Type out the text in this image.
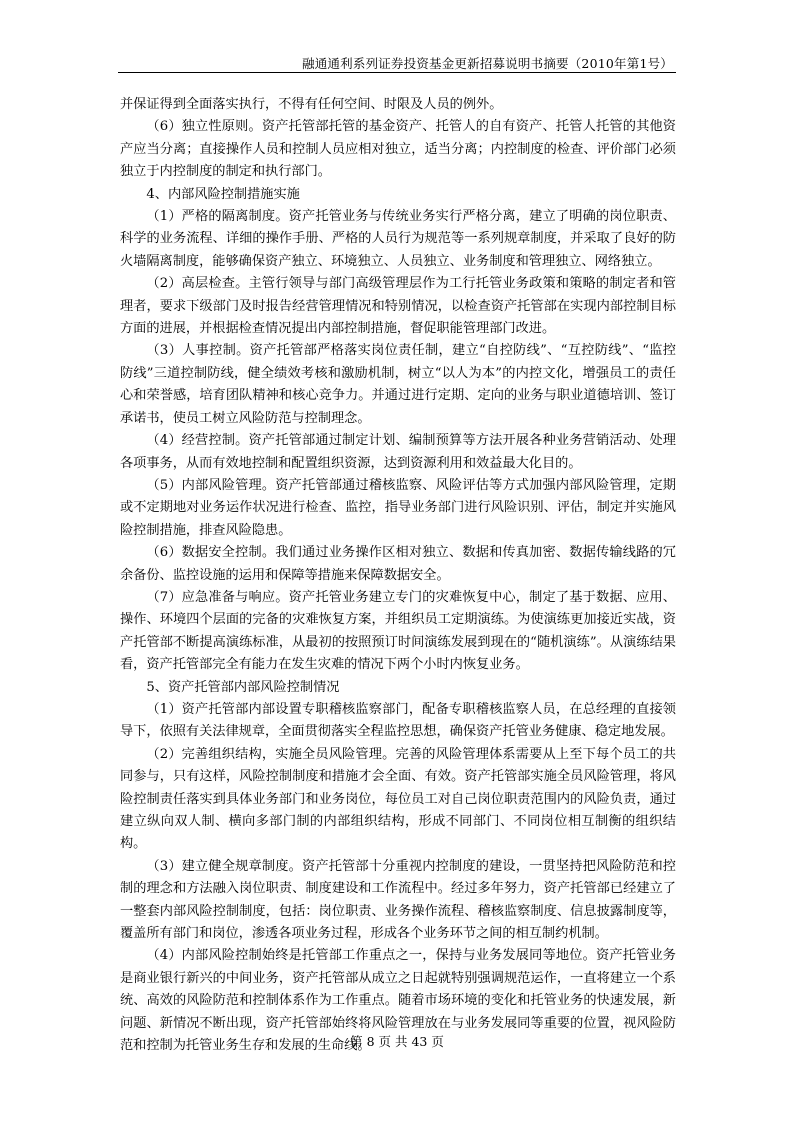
融通通利系列证券投资基金更新招募说明书摘要（2010年第1号）

并保证得到全面落实执行，不得有任何空间、时限及人员的例外。

（6）独立性原则。资产托管部托管的基金资产、托管人的自有资产、托管人托管的其他资产应当分离；直接操作人员和控制人员应相对独立，适当分离；内控制度的检查、评价部门必须独立于内控制度的制定和执行部门。

4、内部风险控制措施实施

（1）严格的隔离制度。资产托管业务与传统业务实行严格分离，建立了明确的岗位职责、科学的业务流程、详细的操作手册、严格的人员行为规范等一系列规章制度，并采取了良好的防火墙隔离制度，能够确保资产独立、环境独立、人员独立、业务制度和管理独立、网络独立。

（2）高层检查。主管行领导与部门高级管理层作为工行托管业务政策和策略的制定者和管理者，要求下级部门及时报告经营管理情况和特别情况，以检查资产托管部在实现内部控制目标方面的进展，并根据检查情况提出内部控制措施，督促职能管理部门改进。

（3）人事控制。资产托管部严格落实岗位责任制，建立“自控防线”、“互控防线”、“监控防线”三道控制防线，健全绩效考核和激励机制，树立“以人为本”的内控文化，增强员工的责任心和荣誉感，培育团队精神和核心竞争力。并通过进行定期、定向的业务与职业道德培训、签订承诺书，使员工树立风险防范与控制理念。

（4）经营控制。资产托管部通过制定计划、编制预算等方法开展各种业务营销活动、处理各项事务，从而有效地控制和配置组织资源，达到资源利用和效益最大化目的。

（5）内部风险管理。资产托管部通过稽核监察、风险评估等方式加强内部风险管理，定期或不定期地对业务运作状况进行检查、监控，指导业务部门进行风险识别、评估，制定并实施风险控制措施，排查风险隐患。

（6）数据安全控制。我们通过业务操作区相对独立、数据和传真加密、数据传输线路的冗余备份、监控设施的运用和保障等措施来保障数据安全。

（7）应急准备与响应。资产托管业务建立专门的灾难恢复中心，制定了基于数据、应用、操作、环境四个层面的完备的灾难恢复方案，并组织员工定期演练。为使演练更加接近实战，资产托管部不断提高演练标准，从最初的按照预订时间演练发展到现在的“随机演练”。从演练结果看，资产托管部完全有能力在发生灾难的情况下两个小时内恢复业务。

5、资产托管部内部风险控制情况

（1）资产托管部内部设置专职稽核监察部门，配备专职稽核监察人员，在总经理的直接领导下，依照有关法律规章，全面贯彻落实全程监控思想，确保资产托管业务健康、稳定地发展。

（2）完善组织结构，实施全员风险管理。完善的风险管理体系需要从上至下每个员工的共同参与，只有这样，风险控制制度和措施才会全面、有效。资产托管部实施全员风险管理，将风险控制责任落实到具体业务部门和业务岗位，每位员工对自己岗位职责范围内的风险负责，通过建立纵向双人制、横向多部门制的内部组织结构，形成不同部门、不同岗位相互制衡的组织结构。

（3）建立健全规章制度。资产托管部十分重视内控制度的建设，一贯坚持把风险防范和控制的理念和方法融入岗位职责、制度建设和工作流程中。经过多年努力，资产托管部已经建立了一整套内部风险控制制度，包括：岗位职责、业务操作流程、稽核监察制度、信息披露制度等，覆盖所有部门和岗位，渗透各项业务过程，形成各个业务环节之间的相互制约机制。

（4）内部风险控制始终是托管部工作重点之一，保持与业务发展同等地位。资产托管业务是商业银行新兴的中间业务，资产托管部从成立之日起就特别强调规范运作，一直将建立一个系统、高效的风险防范和控制体系作为工作重点。随着市场环境的变化和托管业务的快速发展，新问题、新情况不断出现，资产托管部始终将风险管理放在与业务发展同等重要的位置，视风险防范和控制为托管业务生存和发展的生命线。

第 8 页 共 43 页
